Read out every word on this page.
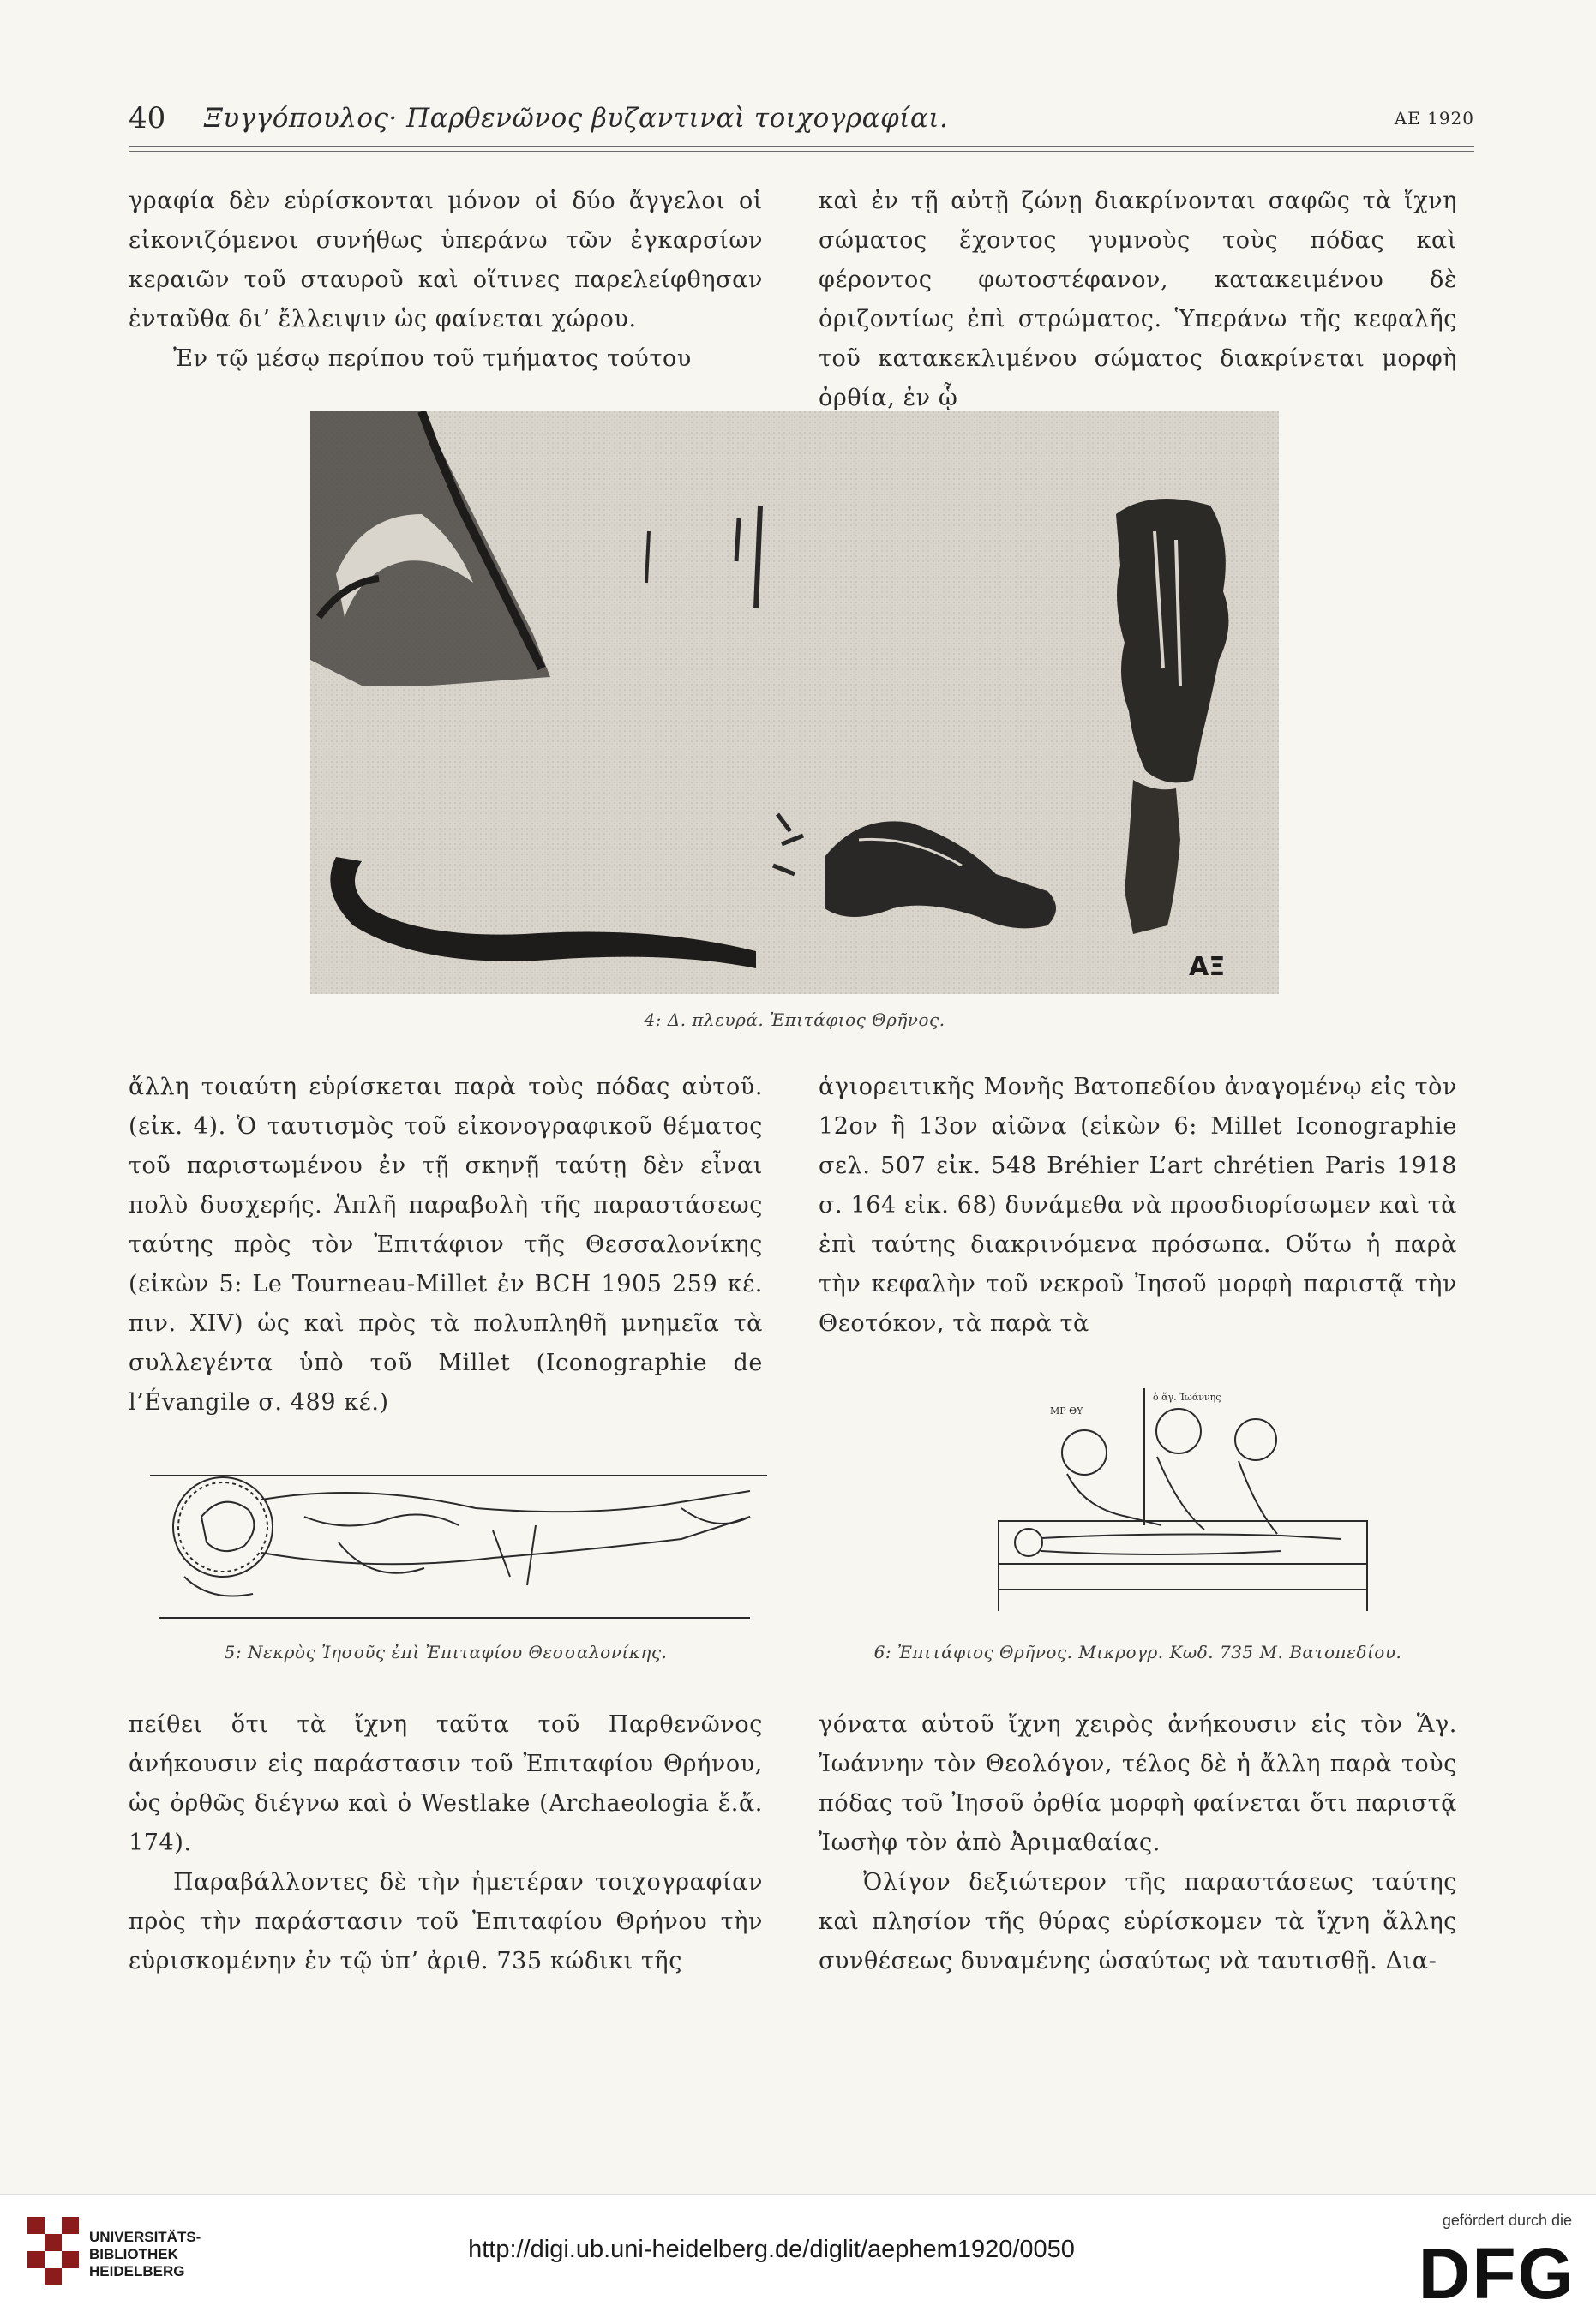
40 Ξυγγόπουλος· Παρθενῶνος βυζαντιναὶ τοιχογραφίαι.	ΑΕ 1920

γραφία δὲν εὑρίσκονται μόνον οἱ δύο ἄγγελοι οἱ εἰκονιζόμενοι συνήθως ὑπεράνω τῶν ἐγκαρσίων κεραιῶν τοῦ σταυροῦ καὶ οἵτινες παρελείφθησαν ἐνταῦθα δι’ ἔλλειψιν ὡς φαίνεται χώρου.

Ἐν τῷ μέσῳ περίπου τοῦ τμήματος τούτου

καὶ ἐν τῇ αὐτῇ ζώνῃ διακρίνονται σαφῶς τὰ ἴχνη σώματος ἔχοντος γυμνοὺς τοὺς πόδας καὶ φέροντος φωτοστέφανον, κατακειμένου δὲ ὁριζοντίως ἐπὶ στρώματος. Ὑπεράνω τῆς κεφαλῆς τοῦ κατακεκλιμένου σώματος διακρίνεται μορφὴ ὀρθία, ἐν ᾧ

ΑΞ
4: Δ. πλευρά. Ἐπιτάφιος Θρῆνος.

ἄλλη τοιαύτη εὑρίσκεται παρὰ τοὺς πόδας αὐτοῦ. (εἰκ. 4). Ὁ ταυτισμὸς τοῦ εἰκονογραφικοῦ θέματος τοῦ παριστωμένου ἐν τῇ σκηνῇ ταύτῃ δὲν εἶναι πολὺ δυσχερής. Ἁπλῆ παραβολὴ τῆς παραστάσεως ταύτης πρὸς τὸν Ἐπιτάφιον τῆς Θεσσαλονίκης (εἰκὼν 5: Le Tourneau-Millet ἐν BCH 1905 259 κέ. πιν. XIV) ὡς καὶ πρὸς τὰ πολυπληθῆ μνημεῖα τὰ συλλεγέντα ὑπὸ τοῦ Millet (Iconographie de l’Évangile σ. 489 κέ.)

ἁγιορειτικῆς Μονῆς Βατοπεδίου ἀναγομένῳ εἰς τὸν 12ον ἢ 13ον αἰῶνα (εἰκὼν 6: Millet Iconographie σελ. 507 εἰκ. 548 Bréhier L’art chrétien Paris 1918 σ. 164 εἰκ. 68) δυνάμεθα νὰ προσδιορίσωμεν καὶ τὰ ἐπὶ ταύτης διακρινόμενα πρόσωπα. Οὕτω ἡ παρὰ τὴν κεφαλὴν τοῦ νεκροῦ Ἰησοῦ μορφὴ παριστᾷ τὴν Θεοτόκον, τὰ παρὰ τὰ

5: Νεκρὸς Ἰησοῦς ἐπὶ Ἐπιταφίου Θεσσαλονίκης.
ΜΡ ΘΥ
ὁ ἅγ. Ἰωάννης
6: Ἐπιτάφιος Θρῆνος. Μικρογρ. Κωδ. 735 Μ. Βατοπεδίου.

πείθει ὅτι τὰ ἴχνη ταῦτα τοῦ Παρθενῶνος ἀνήκουσιν εἰς παράστασιν τοῦ Ἐπιταφίου Θρήνου, ὡς ὀρθῶς διέγνω καὶ ὁ Westlake (Archaeologia ἔ.ἄ. 174).

Παραβάλλοντες δὲ τὴν ἡμετέραν τοιχογραφίαν πρὸς τὴν παράστασιν τοῦ Ἐπιταφίου Θρήνου τὴν εὑρισκομένην ἐν τῷ ὑπ’ ἀριθ. 735 κώδικι τῆς

γόνατα αὐτοῦ ἴχνη χειρὸς ἀνήκουσιν εἰς τὸν Ἅγ. Ἰωάννην τὸν Θεολόγον, τέλος δὲ ἡ ἄλλη παρὰ τοὺς πόδας τοῦ Ἰησοῦ ὀρθία μορφὴ φαίνεται ὅτι παριστᾷ Ἰωσὴφ τὸν ἀπὸ Ἀριμαθαίας.

Ὀλίγον δεξιώτερον τῆς παραστάσεως ταύτης καὶ πλησίον τῆς θύρας εὑρίσκομεν τὰ ἴχνη ἄλλης συνθέσεως δυναμένης ὡσαύτως νὰ ταυτισθῇ. Δια-

UNIVERSITÄTS-
BIBLIOTHEK
HEIDELBERG
http://digi.ub.uni-heidelberg.de/diglit/aephem1920/0050
gefördert durch die
DFG
